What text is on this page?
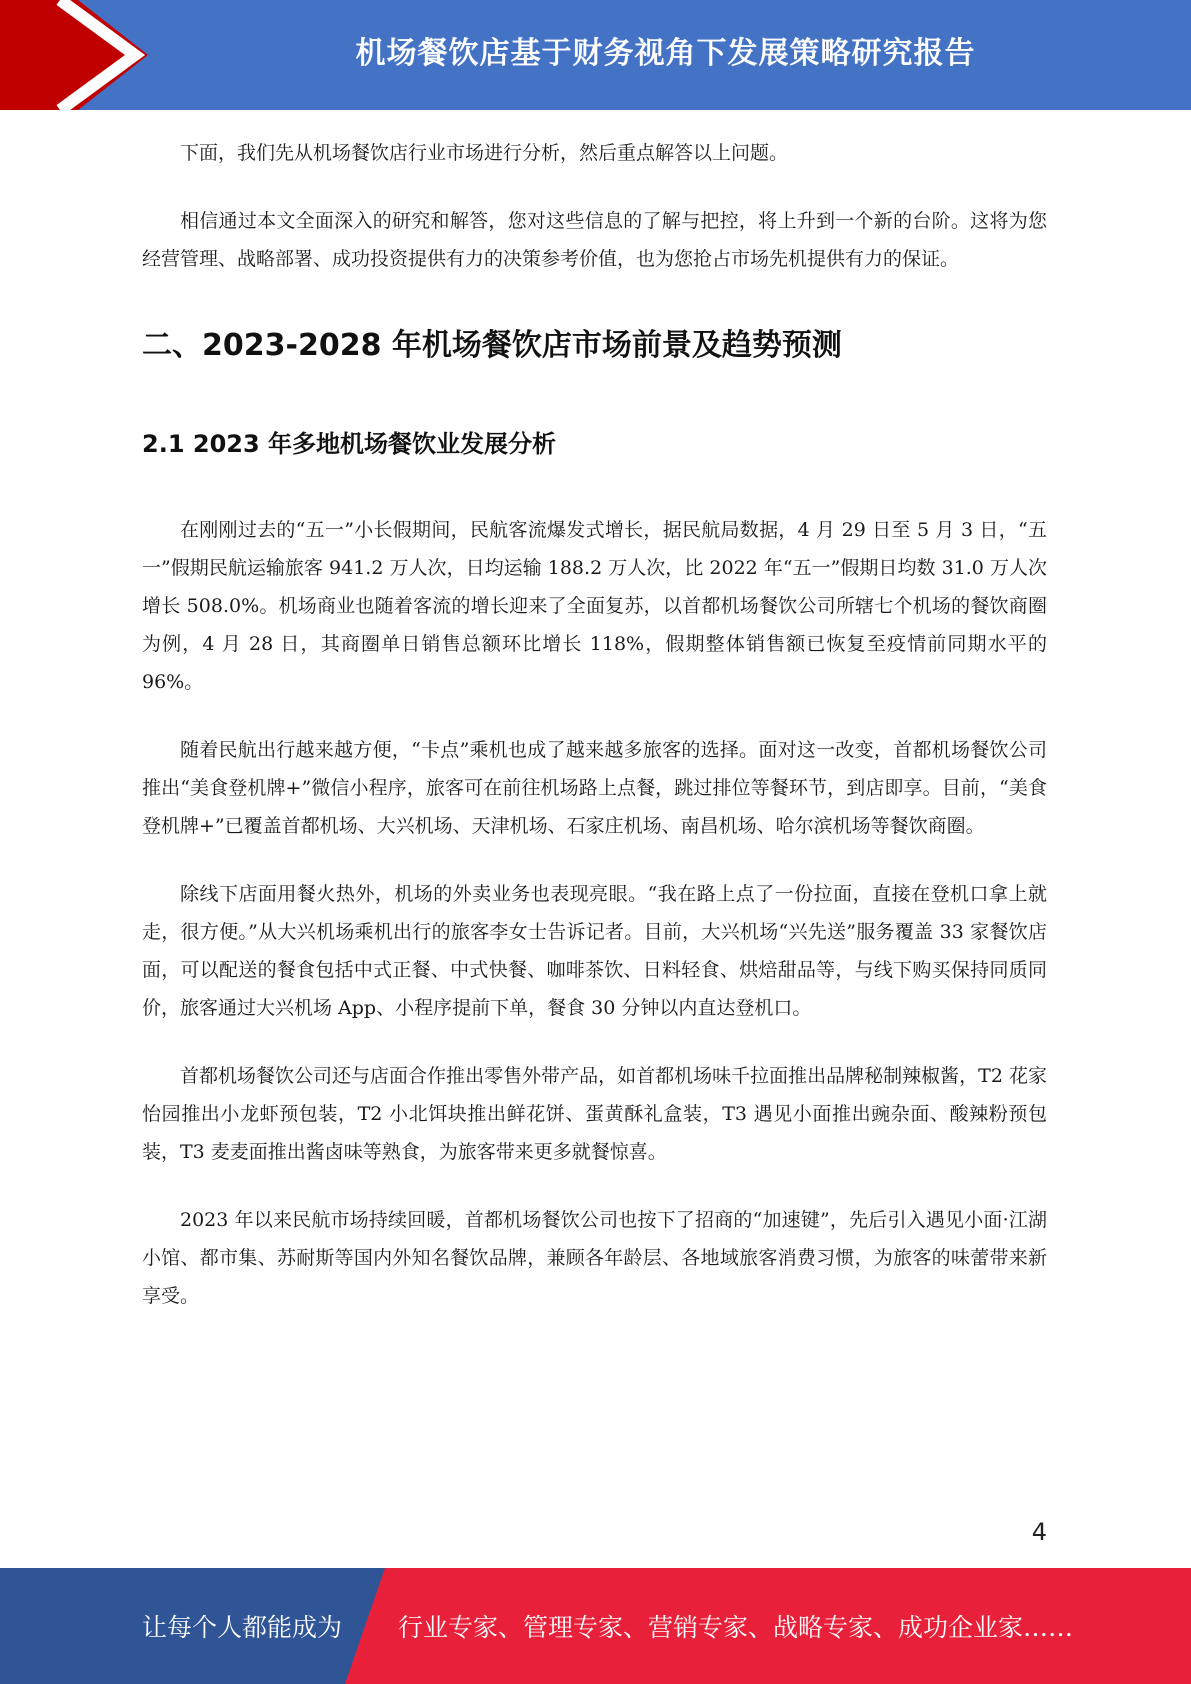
机场餐饮店基于财务视角下发展策略研究报告

下面，我们先从机场餐饮店行业市场进行分析，然后重点解答以上问题。

相信通过本文全面深入的研究和解答，您对这些信息的了解与把控，将上升到一个新的台阶。这将为您经营管理、战略部署、成功投资提供有力的决策参考价值，也为您抢占市场先机提供有力的保证。

二、2023-2028 年机场餐饮店市场前景及趋势预测
2.1 2023 年多地机场餐饮业发展分析

在刚刚过去的“五一”小长假期间，民航客流爆发式增长，据民航局数据，4 月 29 日至 5 月 3 日，“五一”假期民航运输旅客 941.2 万人次，日均运输 188.2 万人次，比 2022 年“五一”假期日均数 31.0 万人次增长 508.0%。机场商业也随着客流的增长迎来了全面复苏，以首都机场餐饮公司所辖七个机场的餐饮商圈为例，4 月 28 日，其商圈单日销售总额环比增长 118%，假期整体销售额已恢复至疫情前同期水平的 96%。

随着民航出行越来越方便，“卡点”乘机也成了越来越多旅客的选择。面对这一改变，首都机场餐饮公司推出“美食登机牌+”微信小程序，旅客可在前往机场路上点餐，跳过排位等餐环节，到店即享。目前，“美食登机牌+”已覆盖首都机场、大兴机场、天津机场、石家庄机场、南昌机场、哈尔滨机场等餐饮商圈。

除线下店面用餐火热外，机场的外卖业务也表现亮眼。“我在路上点了一份拉面，直接在登机口拿上就走，很方便。”从大兴机场乘机出行的旅客李女士告诉记者。目前，大兴机场“兴先送”服务覆盖 33 家餐饮店面，可以配送的餐食包括中式正餐、中式快餐、咖啡茶饮、日料轻食、烘焙甜品等，与线下购买保持同质同价，旅客通过大兴机场 App、小程序提前下单，餐食 30 分钟以内直达登机口。

首都机场餐饮公司还与店面合作推出零售外带产品，如首都机场味千拉面推出品牌秘制辣椒酱，T2 花家怡园推出小龙虾预包装，T2 小北饵块推出鲜花饼、蛋黄酥礼盒装，T3 遇见小面推出豌杂面、酸辣粉预包装，T3 麦麦面推出酱卤味等熟食，为旅客带来更多就餐惊喜。

2023 年以来民航市场持续回暖，首都机场餐饮公司也按下了招商的“加速键”，先后引入遇见小面·江湖小馆、都市集、苏耐斯等国内外知名餐饮品牌，兼顾各年龄层、各地域旅客消费习惯，为旅客的味蕾带来新享受。

4
让每个人都能成为 行业专家、管理专家、营销专家、战略专家、成功企业家……
